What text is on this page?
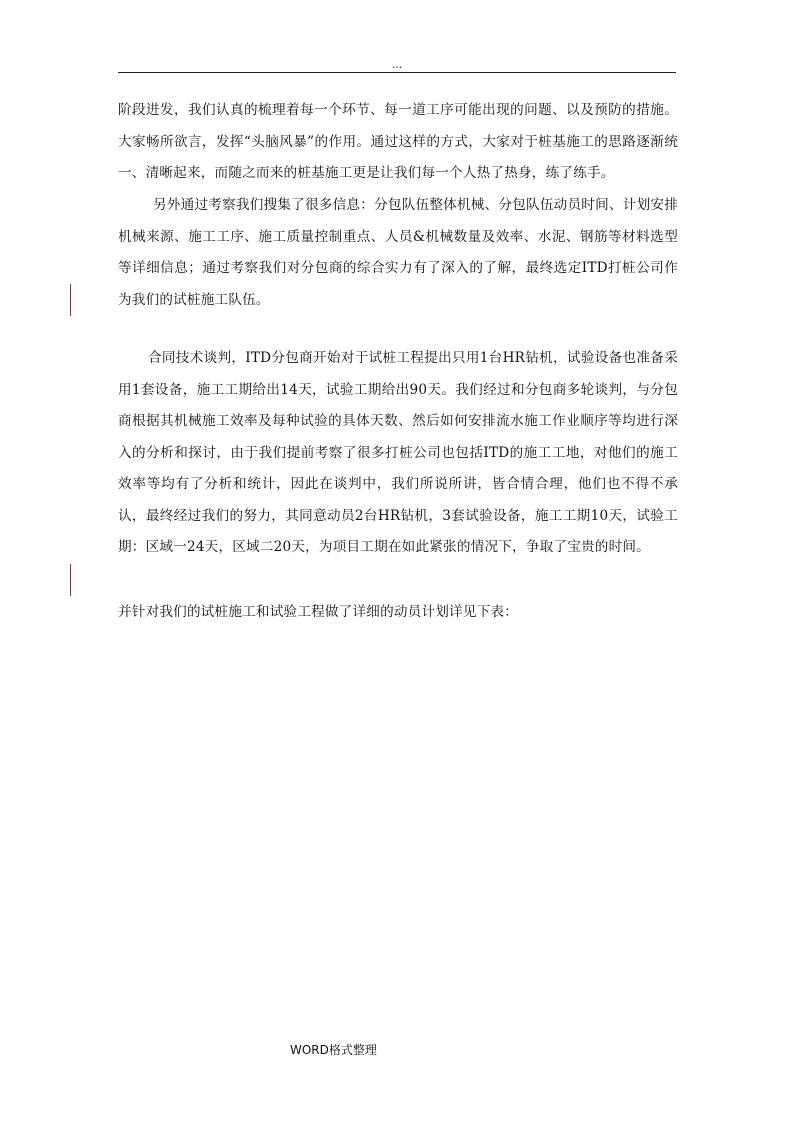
...

阶段进发，我们认真的梳理着每一个环节、每一道工序可能出现的问题、以及预防的措施。大家畅所欲言，发挥“头脑风暴”的作用。通过这样的方式，大家对于桩基施工的思路逐渐统一、清晰起来，而随之而来的桩基施工更是让我们每一个人热了热身，练了练手。

另外通过考察我们搜集了很多信息：分包队伍整体机械、分包队伍动员时间、计划安排机械来源、施工工序、施工质量控制重点、人员&机械数量及效率、水泥、钢筋等材料选型等详细信息；通过考察我们对分包商的综合实力有了深入的了解，最终选定ITD打桩公司作为我们的试桩施工队伍。

合同技术谈判，ITD分包商开始对于试桩工程提出只用1台HR钻机，试验设备也准备采用1套设备，施工工期给出14天，试验工期给出90天。我们经过和分包商多轮谈判，与分包商根据其机械施工效率及每种试验的具体天数、然后如何安排流水施工作业顺序等均进行深入的分析和探讨，由于我们提前考察了很多打桩公司也包括ITD的施工工地，对他们的施工效率等均有了分析和统计，因此在谈判中，我们所说所讲，皆合情合理，他们也不得不承认，最终经过我们的努力，其同意动员2台HR钻机，3套试验设备，施工工期10天，试验工期：区域一24天，区域二20天，为项目工期在如此紧张的情况下，争取了宝贵的时间。

并针对我们的试桩施工和试验工程做了详细的动员计划详见下表：

WORD格式整理
